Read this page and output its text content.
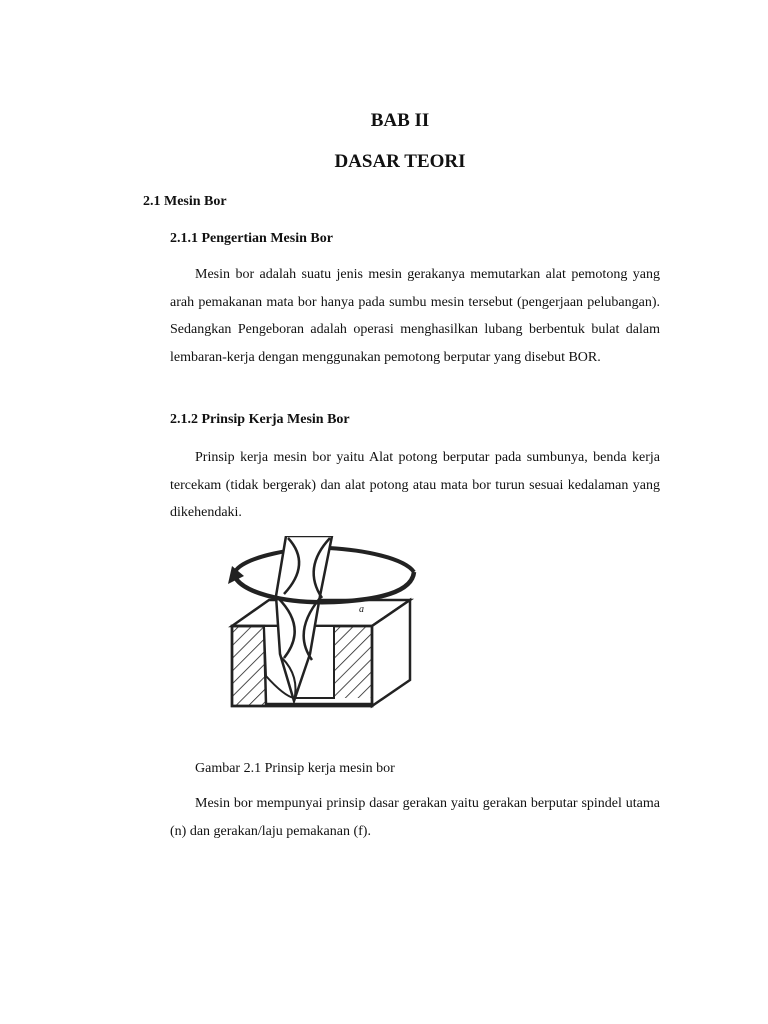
BAB II
DASAR TEORI
2.1 Mesin Bor
2.1.1 Pengertian Mesin Bor
Mesin bor adalah suatu jenis mesin gerakanya memutarkan alat pemotong yang arah pemakanan mata bor hanya pada sumbu mesin tersebut (pengerjaan pelubangan). Sedangkan Pengeboran adalah operasi menghasilkan lubang berbentuk bulat dalam lembaran-kerja dengan menggunakan pemotong berputar yang disebut BOR.
2.1.2 Prinsip Kerja Mesin Bor
Prinsip kerja mesin bor yaitu Alat potong berputar pada sumbunya, benda kerja tercekam (tidak bergerak) dan alat potong atau mata bor turun sesuai kedalaman yang dikehendaki.
a
Gambar 2.1 Prinsip kerja mesin bor
Mesin bor mempunyai prinsip dasar gerakan yaitu gerakan berputar spindel utama (n) dan gerakan/laju pemakanan (f).
